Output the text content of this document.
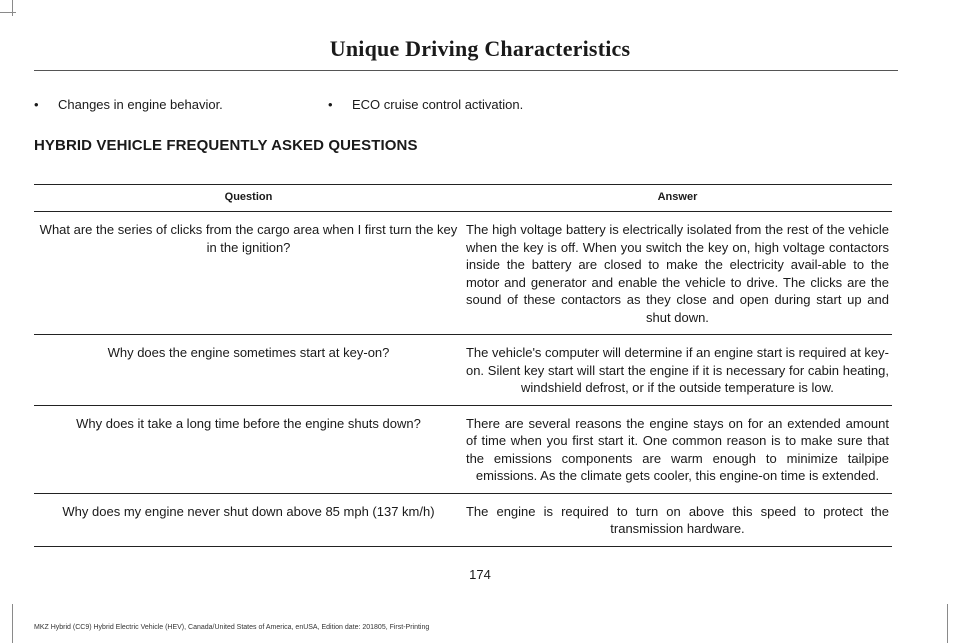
Unique Driving Characteristics
• Changes in engine behavior.	• ECO cruise control activation.
HYBRID VEHICLE FREQUENTLY ASKED QUESTIONS
Question	Answer
What are the series of clicks from the cargo area when I first turn the key in the ignition?	The high voltage battery is electrically isolated from the rest of the vehicle when the key is off. When you switch the key on, high voltage contactors inside the battery are closed to make the electricity avail-able to the motor and generator and enable the vehicle to drive. The clicks are the sound of these contactors as they close and open during start up and shut down.
Why does the engine sometimes start at key-on?	The vehicle's computer will determine if an engine start is required at key-on. Silent key start will start the engine if it is necessary for cabin heating, windshield defrost, or if the outside temperature is low.
Why does it take a long time before the engine shuts down?	There are several reasons the engine stays on for an extended amount of time when you first start it. One common reason is to make sure that the emissions components are warm enough to minimize tailpipe emissions. As the climate gets cooler, this engine-on time is extended.
Why does my engine never shut down above 85 mph (137 km/h)	The engine is required to turn on above this speed to protect the transmission hardware.
174
MKZ Hybrid (CC9) Hybrid Electric Vehicle (HEV), Canada/United States of America, enUSA, Edition date: 201805, First-Printing
